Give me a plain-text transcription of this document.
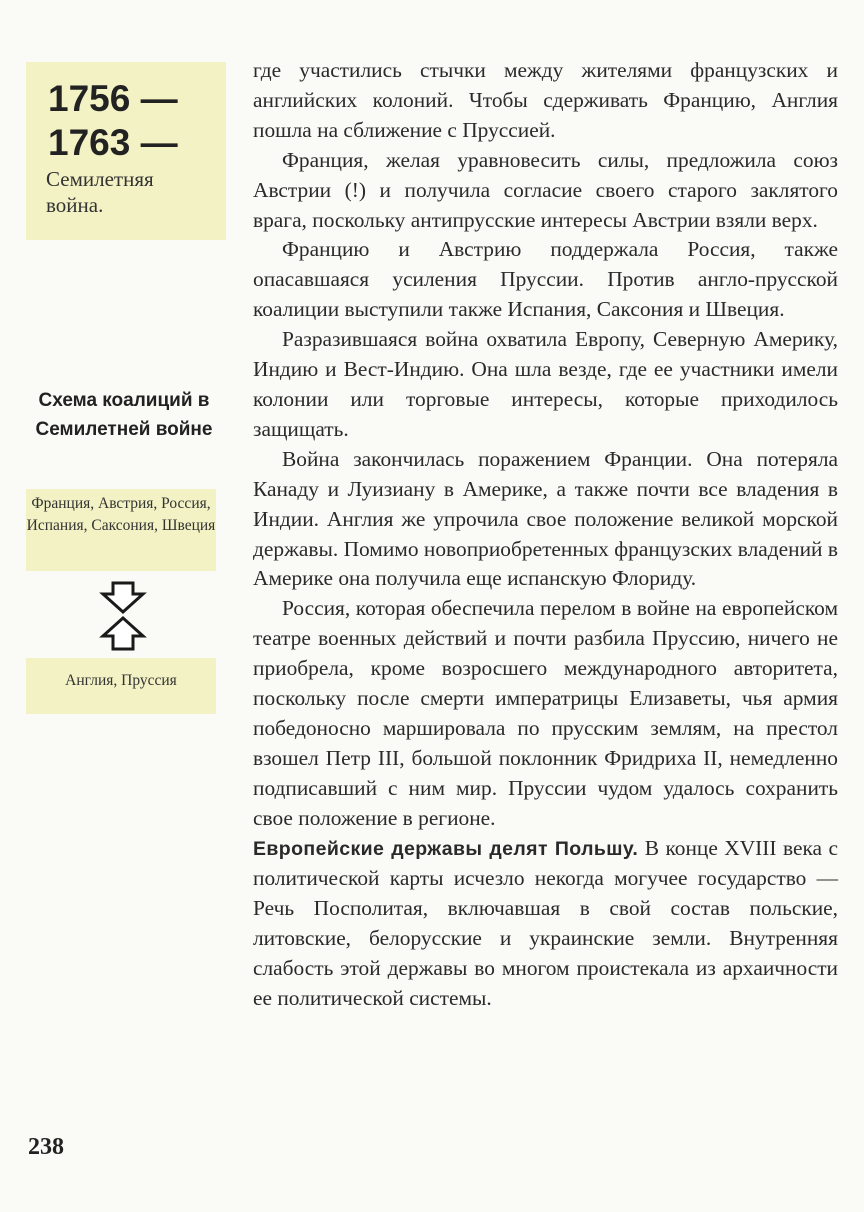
1756 —
1763 —
Семилетняя война.
Схема коалиций в Семилетней войне
Франция, Австрия, Россия, Испания, Саксония, Швеция
Англия, Пруссия

где участились стычки между жителями французских и английских колоний. Чтобы сдерживать Францию, Англия пошла на сближение с Пруссией.

Франция, желая уравновесить силы, предложила союз Австрии (!) и получила согласие своего старого заклятого врага, поскольку антипрусские интересы Австрии взяли верх.

Францию и Австрию поддержала Россия, также опасавшаяся усиления Пруссии. Против англо-прусской коалиции выступили также Испания, Саксония и Швеция.

Разразившаяся война охватила Европу, Северную Америку, Индию и Вест-Индию. Она шла везде, где ее участники имели колонии или торговые интересы, которые приходилось защищать.

Война закончилась поражением Франции. Она потеряла Канаду и Луизиану в Америке, а также почти все владения в Индии. Англия же упрочила свое положение великой морской державы. Помимо новоприобретенных французских владений в Америке она получила еще испанскую Флориду.

Россия, которая обеспечила перелом в войне на европейском театре военных действий и почти разбила Пруссию, ничего не приобрела, кроме возросшего международного авторитета, поскольку после смерти императрицы Елизаветы, чья армия победоносно маршировала по прусским землям, на престол взошел Петр III, большой поклонник Фридриха II, немедленно подписавший с ним мир. Пруссии чудом удалось сохранить свое положение в регионе.

Европейские державы делят Польшу. В конце XVIII века с политической карты исчезло некогда могучее государство — Речь Посполитая, включавшая в свой состав польские, литовские, белорусские и украинские земли. Внутренняя слабость этой державы во многом проистекала из архаичности ее политической системы.

238
